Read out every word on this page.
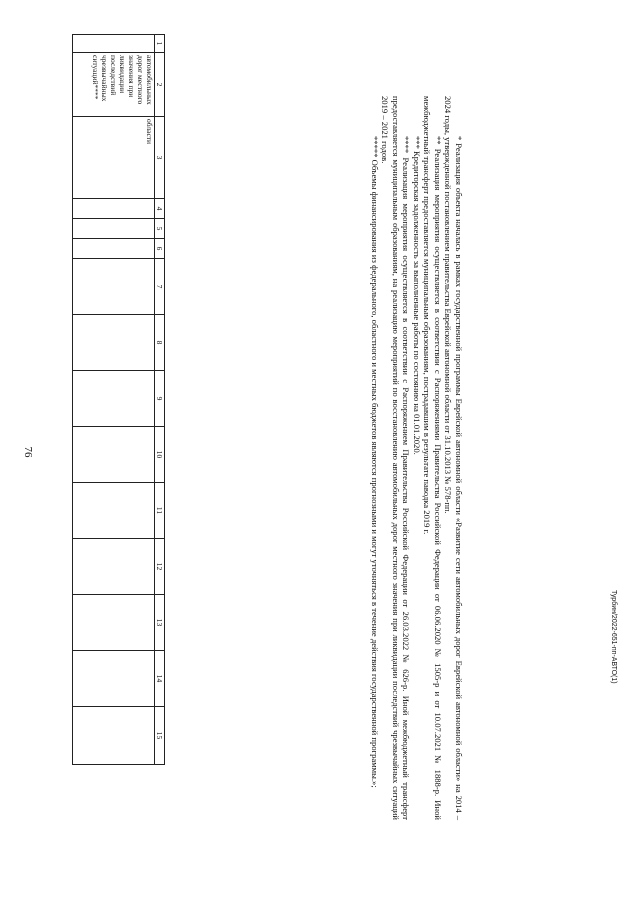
76
1	2	3	4	5	6	7	8	9	10	11	12	13	14	15
	автомобильных дорог местного значения при ликвидации последствий чрезвычайных ситуаций****	области												

* Реализация объекта началась в рамках государственной программы Еврейской автономной области «Развитие сети автомобильных дорог Еврейской автономной области» на 2014 – 2024 годы, утвержденной постановлением правительства Еврейской автономной области от 31.10.2013 № 578-пп.

** Реализация мероприятия осуществляется в соответствии с Распоряжениями Правительства Российской Федерации от 06.06.2020 № 1505-р и от 10.07.2021 № 1888-р. Иной межбюджетный трансферт предоставляется муниципальным образованиям, пострадавшим в результате паводка 2019 г.

*** Кредиторская задолженность за выполненные работы по состоянию на 01.01.2020.

**** Реализация мероприятия осуществляется в соответствии с Распоряжением Правительства Российской Федерации от 26.03.2022 № 626-р. Иной межбюджетный трансферт предоставляется муниципальным образованиям, на реализацию мероприятий по восстановлению автомобильных дорог местного значения при ликвидации последствий чрезвычайных ситуаций 2019 – 2021 годов.

***** Объемы финансирования из федерального, областного и местных бюджетов являются прогнозными и могут уточняться в течение действия государственной программы.»;	Турбин/2022-651-пп-АВТО(1)
